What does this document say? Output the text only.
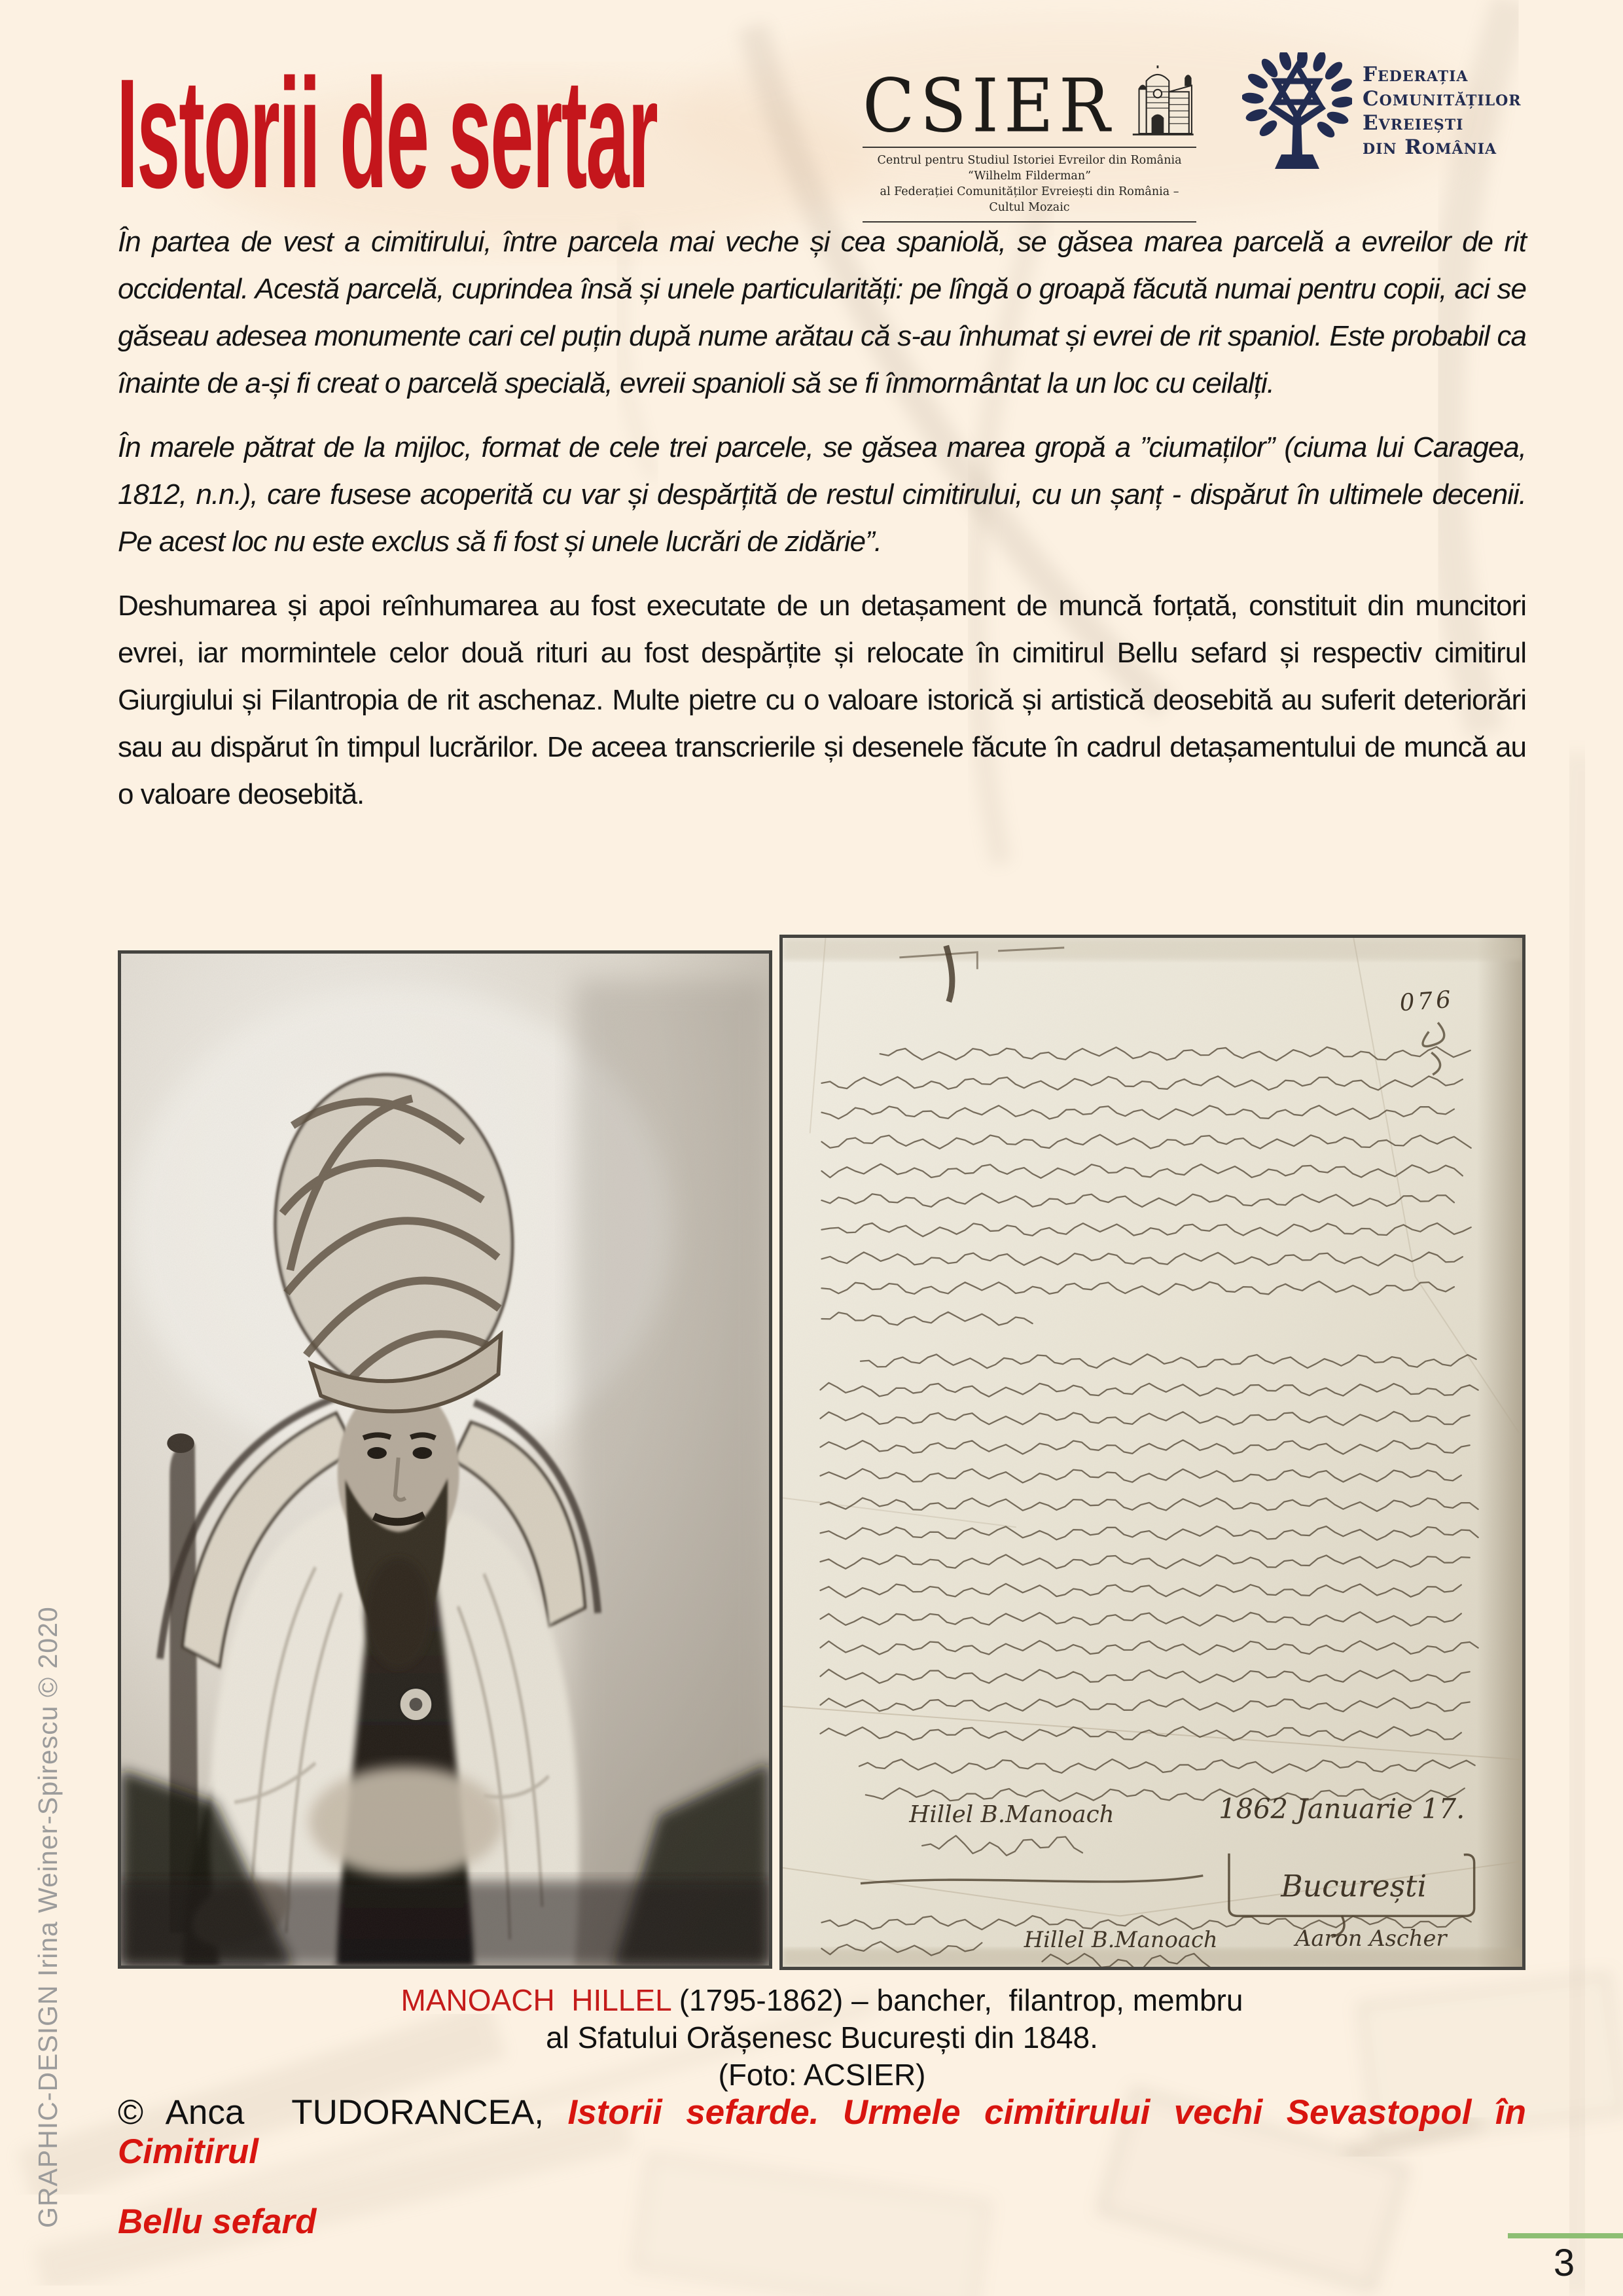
Istorii de sertar	CSIER
Centrul pentru Studiul Istoriei Evreilor din România “Wilhelm Filderman”
al Federației Comunităților Evreiești din România – Cultul Mozaic
Federația
Comunităților
Evreiești
din România

În partea de vest a cimitirului, între parcela mai veche și cea spaniolă, se găsea marea parcelă a evreilor de rit occidental. Acestă parcelă, cuprindea însă și unele particularități: pe lîngă o groapă făcută numai pentru copii, aci se găseau adesea monumente cari cel puțin după nume arătau că s-au înhumat și evrei de rit spaniol. Este probabil ca înainte de a-și fi creat o parcelă specială, evreii spanioli să se fi înmormântat la un loc cu ceilalți.

În marele pătrat de la mijloc, format de cele trei parcele, se găsea marea gropă a ”ciumaților” (ciuma lui Caragea, 1812, n.n.), care fusese acoperită cu var și despărțită de restul cimitirului, cu un șanț - dispărut în ultimele decenii. Pe acest loc nu este exclus să fi fost și unele lucrări de zidărie”.

Deshumarea și apoi reînhumarea au fost executate de un detașament de muncă forțată, constituit din muncitori evrei, iar mormintele celor două rituri au fost despărțite și relocate în cimitirul Bellu sefard și respectiv cimitirul Giurgiului și Filantropia de rit aschenaz. Multe pietre cu o valoare istorică și artistică deosebită au suferit deteriorări sau au dispărut în timpul lucrărilor. De aceea transcrierile și desenele făcute în cadrul detașamentului de muncă au o valoare deosebită.

MANOACH  HILLEL (1795-1862) – bancher,  filantrop, membru
al Sfatului Orășenesc București din 1848.
(Foto: ACSIER)
© Anca  TUDORANCEA, Istorii sefarde. Urmele cimitirului vechi Sevastopol în Cimitirul
Bellu sefard
GRAPHIC-DESIGN Irina Weiner-Spirescu © 2020
3
